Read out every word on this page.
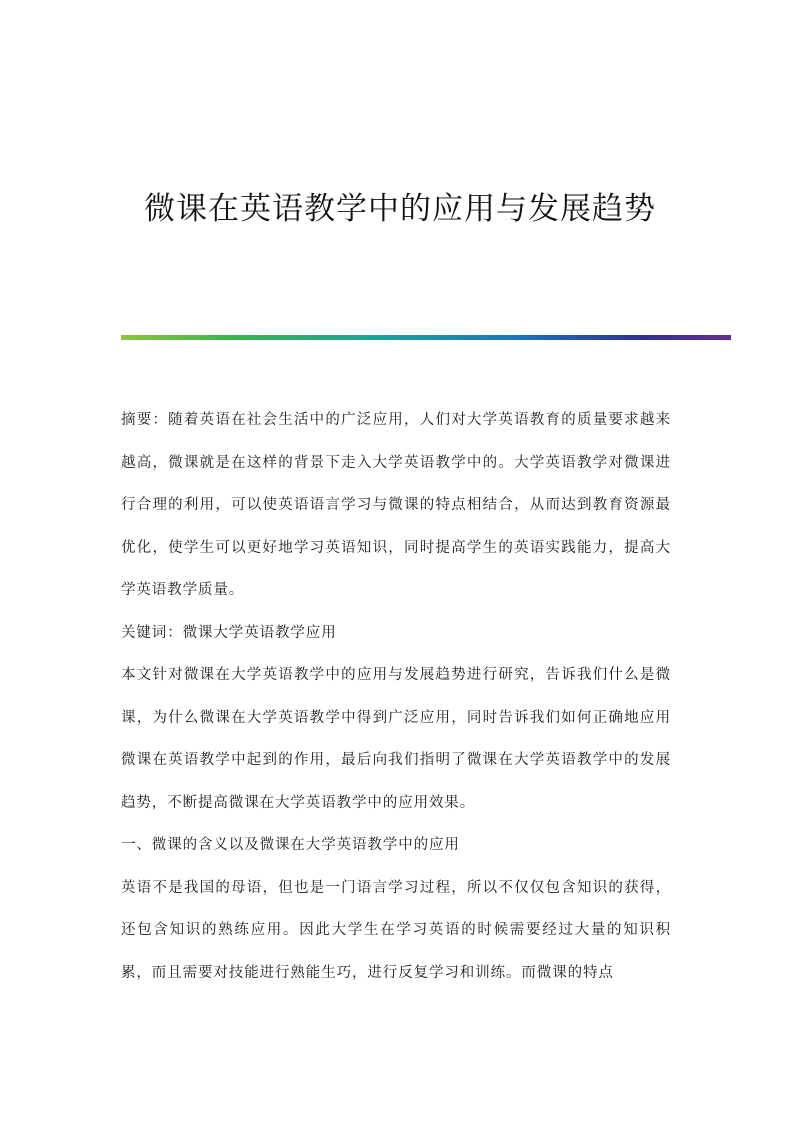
微课在英语教学中的应用与发展趋势

摘要：随着英语在社会生活中的广泛应用，人们对大学英语教育的质量要求越来越高，微课就是在这样的背景下走入大学英语教学中的。大学英语教学对微课进行合理的利用，可以使英语语言学习与微课的特点相结合，从而达到教育资源最优化，使学生可以更好地学习英语知识，同时提高学生的英语实践能力，提高大学英语教学质量。

关键词：微课大学英语教学应用

本文针对微课在大学英语教学中的应用与发展趋势进行研究，告诉我们什么是微课，为什么微课在大学英语教学中得到广泛应用，同时告诉我们如何正确地应用微课在英语教学中起到的作用，最后向我们指明了微课在大学英语教学中的发展趋势，不断提高微课在大学英语教学中的应用效果。

一、微课的含义以及微课在大学英语教学中的应用

英语不是我国的母语，但也是一门语言学习过程，所以不仅仅包含知识的获得，还包含知识的熟练应用。因此大学生在学习英语的时候需要经过大量的知识积累，而且需要对技能进行熟能生巧，进行反复学习和训练。而微课的特点
